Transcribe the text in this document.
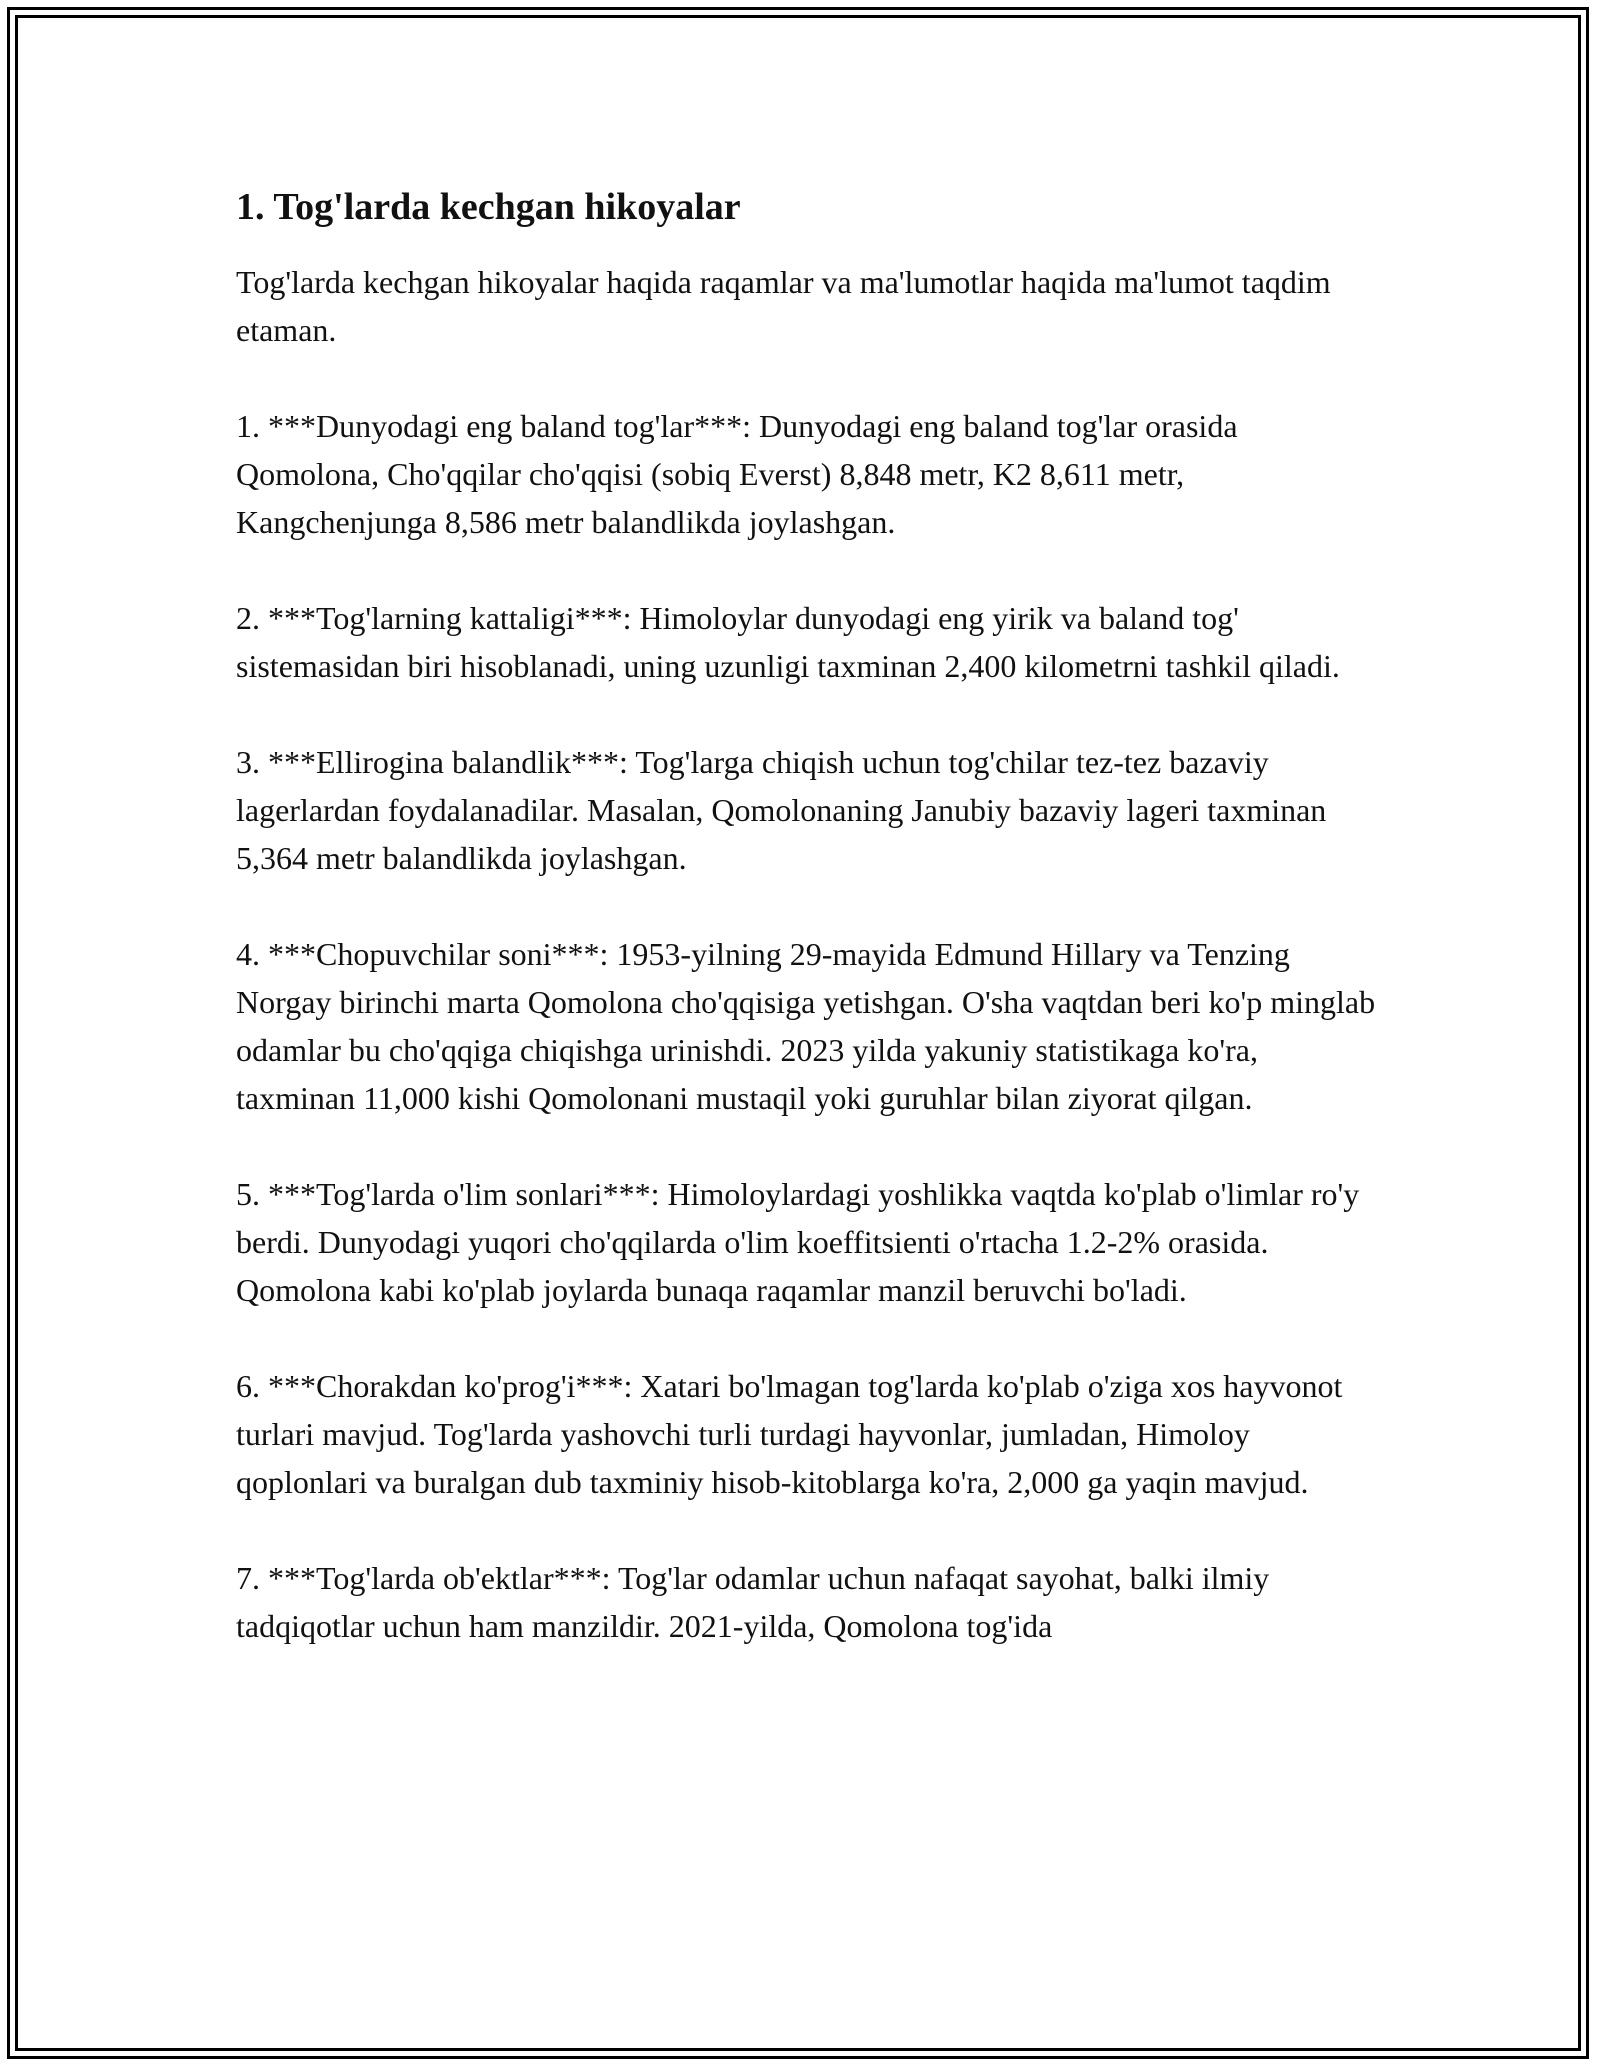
1. Tog'larda kechgan hikoyalar

Tog'larda kechgan hikoyalar haqida raqamlar va ma'lumotlar haqida ma'lumot taqdim etaman.

1. ***Dunyodagi eng baland tog'lar***: Dunyodagi eng baland tog'lar orasida Qomolona, Cho'qqilar cho'qqisi (sobiq Everst) 8,848 metr, K2 8,611 metr, Kangchenjunga 8,586 metr balandlikda joylashgan.

2. ***Tog'larning kattaligi***: Himoloylar dunyodagi eng yirik va baland tog' sistemasidan biri hisoblanadi, uning uzunligi taxminan 2,400 kilometrni tashkil qiladi.

3. ***Ellirogina balandlik***: Tog'larga chiqish uchun tog'chilar tez-tez bazaviy lagerlardan foydalanadilar. Masalan, Qomolonaning Janubiy bazaviy lageri taxminan 5,364 metr balandlikda joylashgan.

4. ***Chopuvchilar soni***: 1953-yilning 29-mayida Edmund Hillary va Tenzing Norgay birinchi marta Qomolona cho'qqisiga yetishgan. O'sha vaqtdan beri ko'p minglab odamlar bu cho'qqiga chiqishga urinishdi. 2023 yilda yakuniy statistikaga ko'ra, taxminan 11,000 kishi Qomolonani mustaqil yoki guruhlar bilan ziyorat qilgan.

5. ***Tog'larda o'lim sonlari***: Himoloylardagi yoshlikka vaqtda ko'plab o'limlar ro'y berdi. Dunyodagi yuqori cho'qqilarda o'lim koeffitsienti o'rtacha 1.2-2% orasida. Qomolona kabi ko'plab joylarda bunaqa raqamlar manzil beruvchi bo'ladi.

6. ***Chorakdan ko'prog'i***: Xatari bo'lmagan tog'larda ko'plab o'ziga xos hayvonot turlari mavjud. Tog'larda yashovchi turli turdagi hayvonlar, jumladan, Himoloy qoplonlari va buralgan dub taxminiy hisob-kitoblarga ko'ra, 2,000 ga yaqin mavjud.

7. ***Tog'larda ob'ektlar***: Tog'lar odamlar uchun nafaqat sayohat, balki ilmiy tadqiqotlar uchun ham manzildir. 2021-yilda, Qomolona tog'ida
